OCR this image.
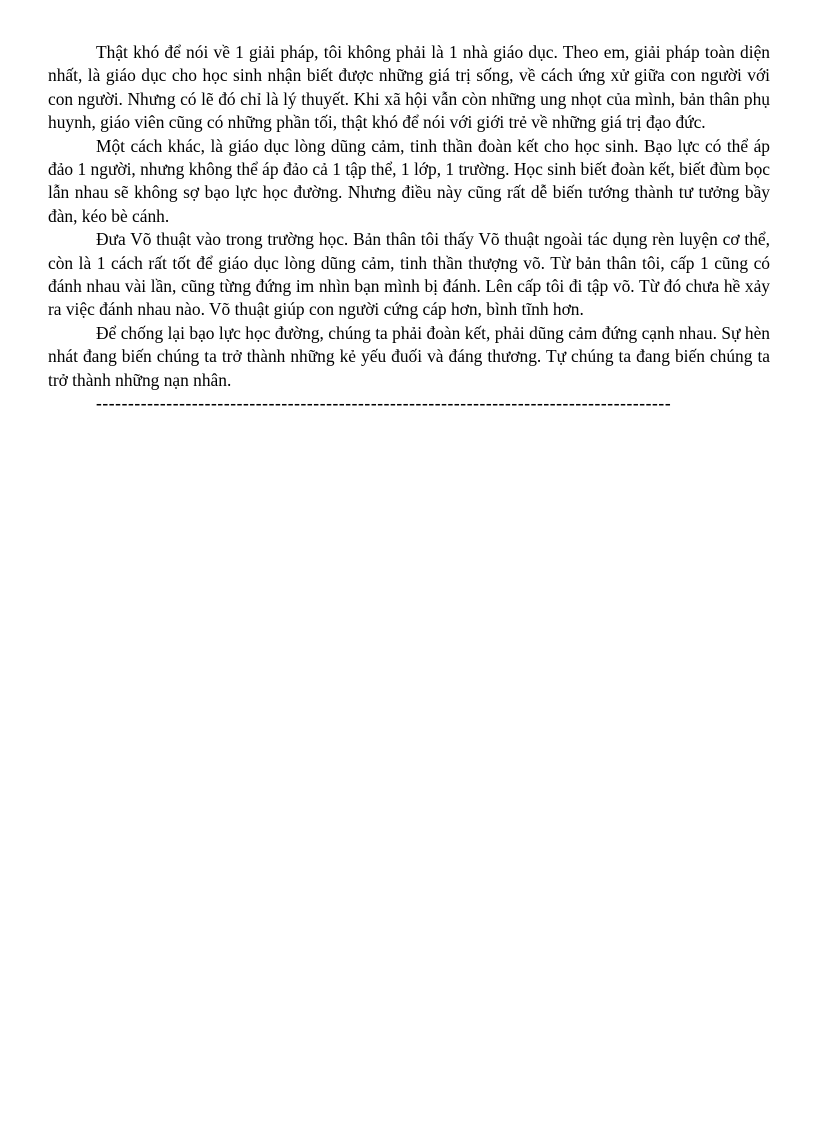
Thật khó để nói về 1 giải pháp, tôi không phải là 1 nhà giáo dục. Theo em, giải pháp toàn diện nhất, là giáo dục cho học sinh nhận biết được những giá trị sống, về cách ứng xử giữa con người với con người. Nhưng có lẽ đó chỉ là lý thuyết. Khi xã hội vẫn còn những ung nhọt của mình, bản thân phụ huynh, giáo viên cũng có những phần tối, thật khó để nói với giới trẻ về những giá trị đạo đức.

Một cách khác, là giáo dục lòng dũng cảm, tinh thần đoàn kết cho học sinh. Bạo lực có thể áp đảo 1 người, nhưng không thể áp đảo cả 1 tập thể, 1 lớp, 1 trường. Học sinh biết đoàn kết, biết đùm bọc lẫn nhau sẽ không sợ bạo lực học đường. Nhưng điều này cũng rất dễ biến tướng thành tư tưởng bầy đàn, kéo bè cánh.

Đưa Võ thuật vào trong trường học. Bản thân tôi thấy Võ thuật ngoài tác dụng rèn luyện cơ thể, còn là 1 cách rất tốt để giáo dục lòng dũng cảm, tinh thần thượng võ. Từ bản thân tôi, cấp 1 cũng có đánh nhau vài lần, cũng từng đứng im nhìn bạn mình bị đánh. Lên cấp tôi đi tập võ. Từ đó chưa hề xảy ra việc đánh nhau nào. Võ thuật giúp con người cứng cáp hơn, bình tĩnh hơn.

Để chống lại bạo lực học đường, chúng ta phải đoàn kết, phải dũng cảm đứng cạnh nhau. Sự hèn nhát đang biến chúng ta trở thành những kẻ yếu đuối và đáng thương. Tự chúng ta đang biến chúng ta trở thành những nạn nhân.

------------------------------------------------------------------------------------------
